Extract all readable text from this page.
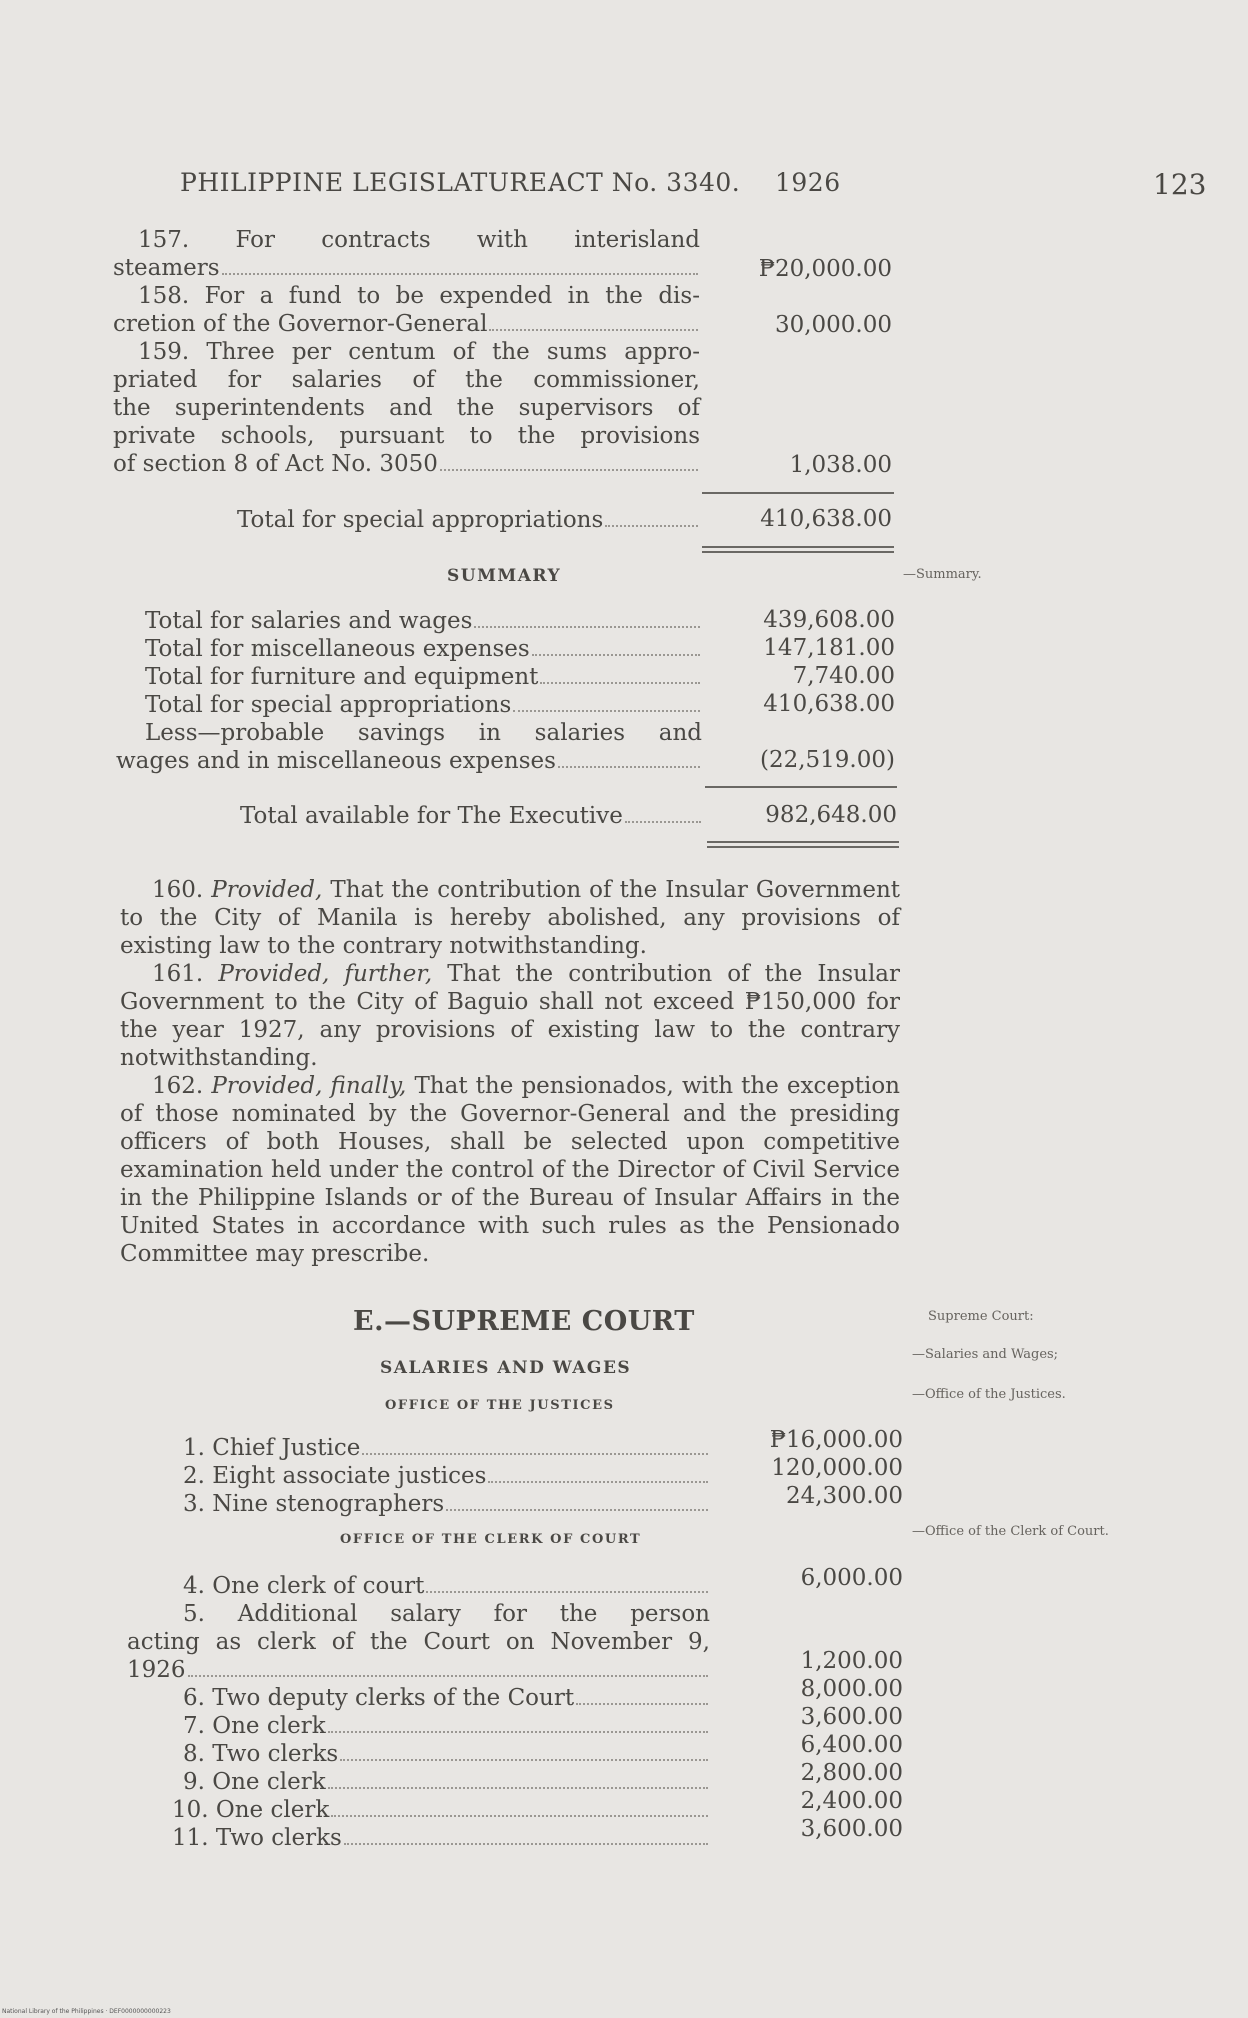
PHILIPPINE LEGISLATURE.
ACT No. 3340. 1926	123
157. For contracts with interisland
steamers	₱20,000.00
158. For a fund to be expended in the dis-
cretion of the Governor-General	30,000.00
159. Three per centum of the sums appro-
priated for salaries of the commissioner,
the superintendents and the supervisors of
private schools, pursuant to the provisions
of section 8 of Act No. 3050	1,038.00
Total for special appropriations	410,638.00
SUMMARY	—Summary.
Total for salaries and wages	439,608.00
Total for miscellaneous expenses	147,181.00
Total for furniture and equipment	7,740.00
Total for special appropriations	410,638.00
Less—probable savings in salaries and
wages and in miscellaneous expenses	(22,519.00)
Total available for The Executive	982,648.00
160. Provided, That the contribution of the Insular Government to the City of Manila is hereby abolished, any provisions of existing law to the contrary notwithstanding.
161. Provided, further, That the contribution of the Insular Government to the City of Baguio shall not exceed ₱150,000 for the year 1927, any provisions of existing law to the contrary notwithstanding.
162. Provided, finally, That the pensionados, with the exception of those nominated by the Governor-General and the presiding officers of both Houses, shall be selected upon competitive examination held under the control of the Director of Civil Service in the Philippine Islands or of the Bureau of Insular Affairs in the United States in accordance with such rules as the Pensionado Committee may prescribe.
E.—SUPREME COURT	Supreme Court:
SALARIES AND WAGES
—Salaries and Wages;
OFFICE OF THE JUSTICES
—Office of the Justices.
1. Chief Justice	₱16,000.00
2. Eight associate justices	120,000.00
3. Nine stenographers	24,300.00
OFFICE OF THE CLERK OF COURT
—Office of the Clerk of Court.
4. One clerk of court	6,000.00
5. Additional salary for the person
acting as clerk of the Court on November 9,
1926	1,200.00
6. Two deputy clerks of the Court	8,000.00
7. One clerk	3,600.00
8. Two clerks	6,400.00
9. One clerk	2,800.00
10. One clerk	2,400.00
11. Two clerks	3,600.00
National Library of the Philippines · DEF0000000000223
